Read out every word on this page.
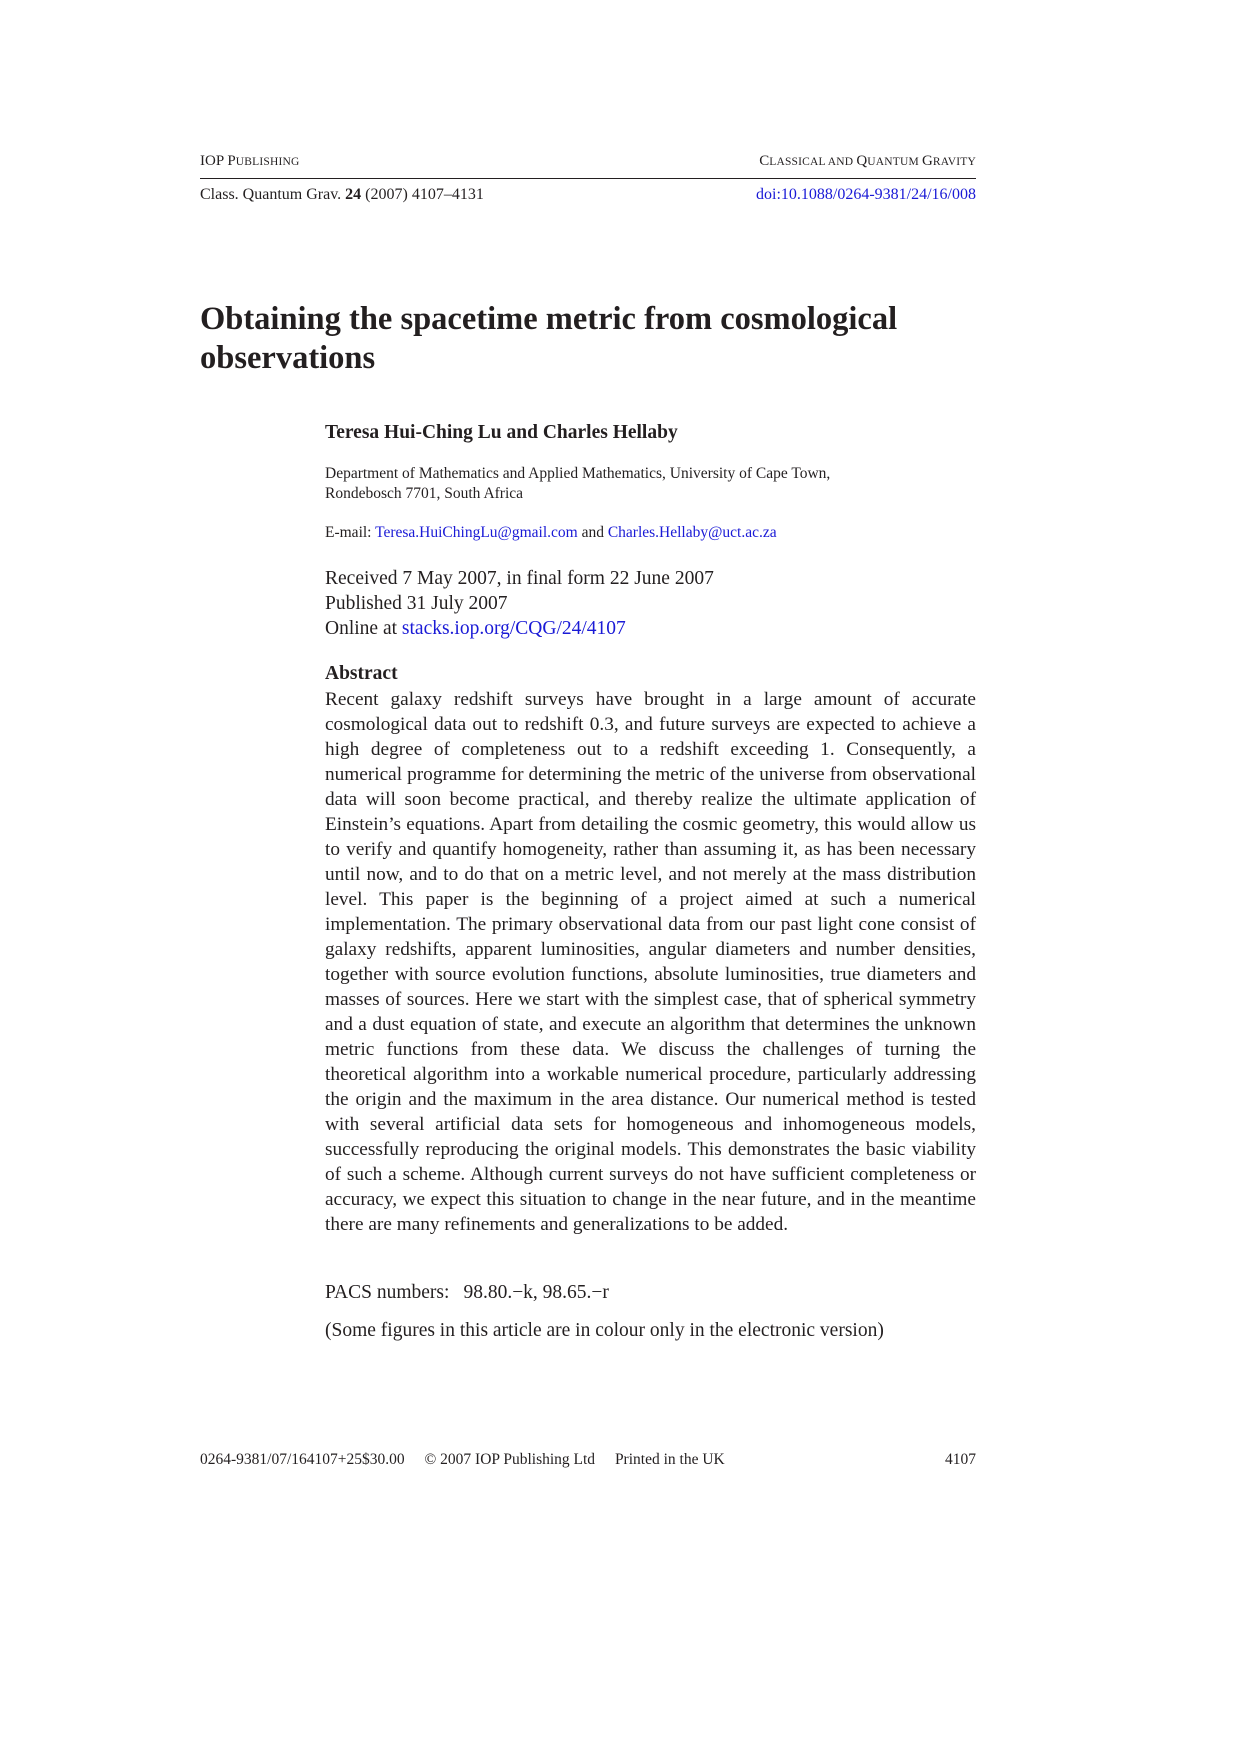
IOP PUBLISHING	CLASSICAL AND QUANTUM GRAVITY
Class. Quantum Grav. 24 (2007) 4107–4131	doi:10.1088/0264-9381/24/16/008
Obtaining the spacetime metric from cosmological observations
Teresa Hui-Ching Lu and Charles Hellaby
Department of Mathematics and Applied Mathematics, University of Cape Town,
Rondebosch 7701, South Africa
E-mail: Teresa.HuiChingLu@gmail.com and Charles.Hellaby@uct.ac.za
Received 7 May 2007, in final form 22 June 2007
Published 31 July 2007
Online at stacks.iop.org/CQG/24/4107
Abstract

Recent galaxy redshift surveys have brought in a large amount of accurate cosmological data out to redshift 0.3, and future surveys are expected to achieve a high degree of completeness out to a redshift exceeding 1. Consequently, a numerical programme for determining the metric of the universe from observational data will soon become practical, and thereby realize the ultimate application of Einstein’s equations. Apart from detailing the cosmic geometry, this would allow us to verify and quantify homogeneity, rather than assuming it, as has been necessary until now, and to do that on a metric level, and not merely at the mass distribution level. This paper is the beginning of a project aimed at such a numerical implementation. The primary observational data from our past light cone consist of galaxy redshifts, apparent luminosities, angular diameters and number densities, together with source evolution functions, absolute luminosities, true diameters and masses of sources. Here we start with the simplest case, that of spherical symmetry and a dust equation of state, and execute an algorithm that determines the unknown metric functions from these data. We discuss the challenges of turning the theoretical algorithm into a workable numerical procedure, particularly addressing the origin and the maximum in the area distance. Our numerical method is tested with several artificial data sets for homogeneous and inhomogeneous models, successfully reproducing the original models. This demonstrates the basic viability of such a scheme. Although current surveys do not have sufficient completeness or accuracy, we expect this situation to change in the near future, and in the meantime there are many refinements and generalizations to be added.

PACS numbers: 98.80.−k, 98.65.−r
(Some figures in this article are in colour only in the electronic version)
0264-9381/07/164107+25$30.00 © 2007 IOP Publishing Ltd Printed in the UK	4107
